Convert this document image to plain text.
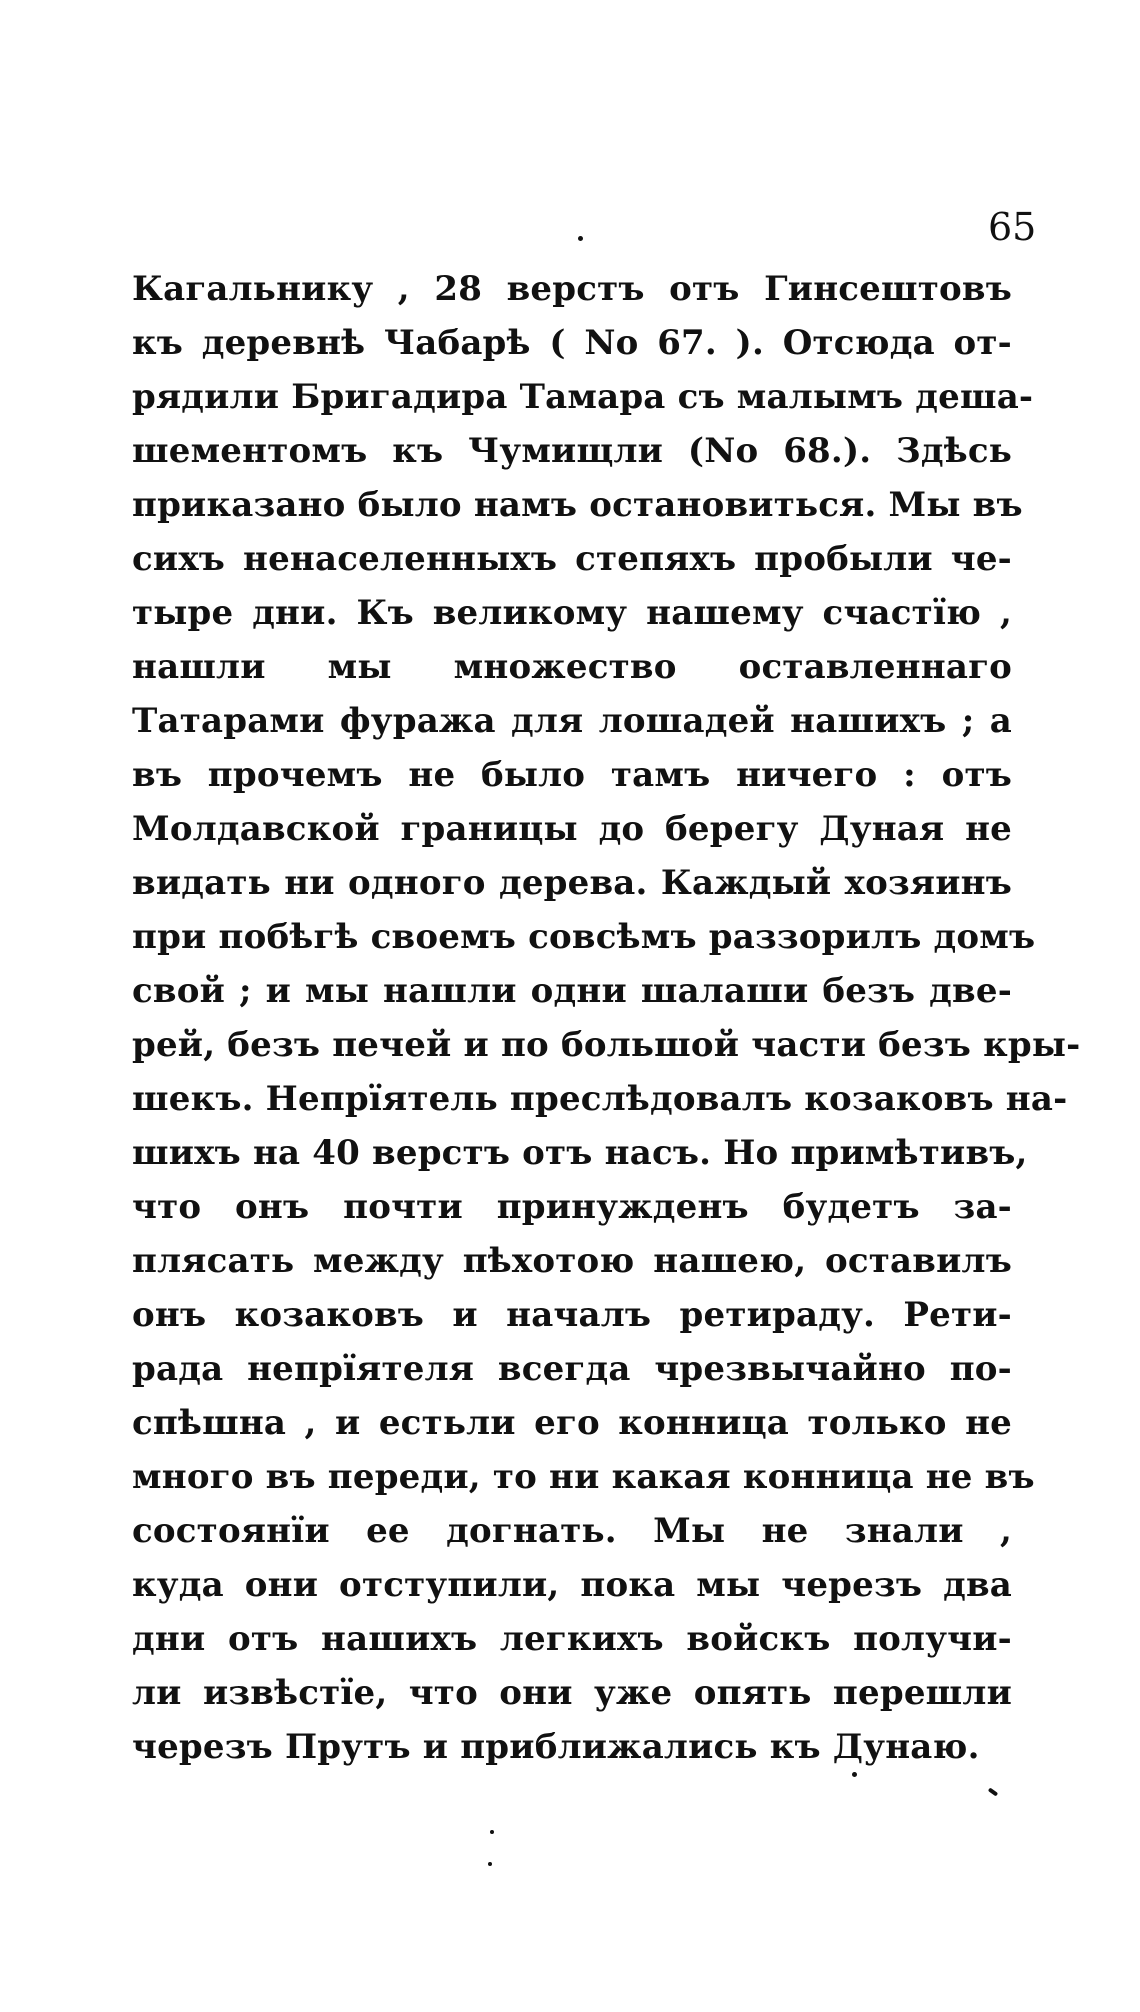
65
Кагальнику , 28 верстъ отъ Гинсештовъ
къ деревнѣ Чабарѣ ( No 67. ). Отсюда от-
рядили Бригадира Тамара съ малымъ деша-
шементомъ къ Чумищли (No 68.). Здѣсь
приказано было намъ остановиться. Мы въ
сихъ ненаселенныхъ степяхъ пробыли че-
тыре дни. Къ великому нашему счастїю ,
нашли мы множество оставленнаго
Татарами фуража для лошадей нашихъ ; а
въ прочемъ не было тамъ ничего : отъ
Молдавской границы до берегу Дуная не
видать ни одного дерева. Каждый хозяинъ
при побѣгѣ своемъ совсѣмъ раззорилъ домъ
свой ; и мы нашли одни шалаши безъ две-
рей, безъ печей и по большой части безъ кры-
шекъ. Непрїятель преслѣдовалъ козаковъ на-
шихъ на 40 верстъ отъ насъ. Но примѣтивъ,
что онъ почти принужденъ будетъ за-
плясать между пѣхотою нашею, оставилъ
онъ козаковъ и началъ ретираду. Рети-
рада непрїятеля всегда чрезвычайно по-
спѣшна , и естьли его конница только не
много въ переди, то ни какая конница не въ
состоянїи ее догнать. Мы не знали ,
куда они отступили, пока мы черезъ два
дни отъ нашихъ легкихъ войскъ получи-
ли извѣстїе, что они уже опять перешли
черезъ Прутъ и приближались къ Дунаю.
